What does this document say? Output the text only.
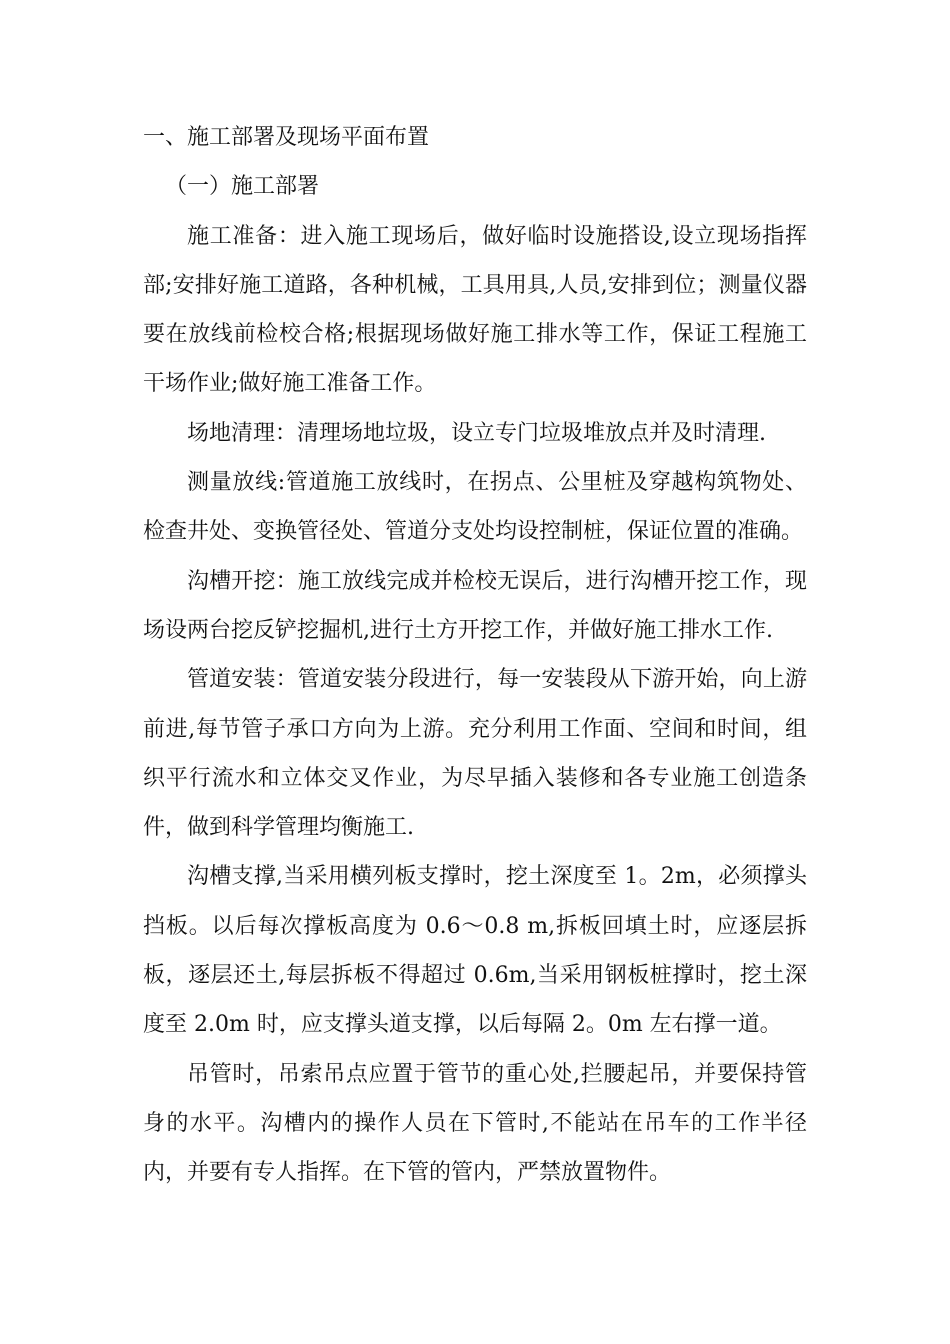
一、施工部署及现场平面布置

（一）施工部署

施工准备：进入施工现场后，做好临时设施搭设,设立现场指挥部;安排好施工道路，各种机械，工具用具,人员,安排到位；测量仪器要在放线前检校合格;根据现场做好施工排水等工作，保证工程施工干场作业;做好施工准备工作。

场地清理：清理场地垃圾，设立专门垃圾堆放点并及时清理.

测量放线:管道施工放线时，在拐点、公里桩及穿越构筑物处、检查井处、变换管径处、管道分支处均设控制桩，保证位置的准确。

沟槽开挖：施工放线完成并检校无误后，进行沟槽开挖工作，现场设两台挖反铲挖掘机,进行土方开挖工作，并做好施工排水工作.

管道安装：管道安装分段进行，每一安装段从下游开始，向上游前进,每节管子承口方向为上游。充分利用工作面、空间和时间，组织平行流水和立体交叉作业，为尽早插入装修和各专业施工创造条件，做到科学管理均衡施工.

沟槽支撑,当采用横列板支撑时，挖土深度至 1。2m，必须撑头挡板。以后每次撑板高度为 0.6～0.8 m,拆板回填土时，应逐层拆板，逐层还土,每层拆板不得超过 0.6m,当采用钢板桩撑时，挖土深度至 2.0m 时，应支撑头道支撑，以后每隔 2。0m 左右撑一道。

吊管时，吊索吊点应置于管节的重心处,拦腰起吊，并要保持管身的水平。沟槽内的操作人员在下管时,不能站在吊车的工作半径内，并要有专人指挥。在下管的管内，严禁放置物件。
